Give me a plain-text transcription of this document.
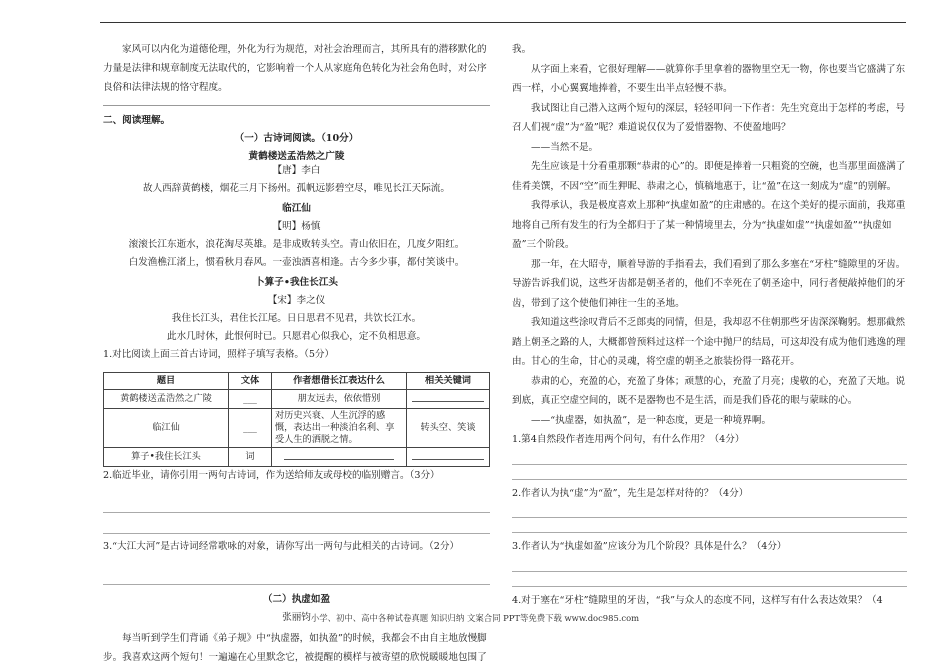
家风可以内化为道德伦理，外化为行为规范，对社会治理而言，其所具有的潜移默化的力量是法律和规章制度无法取代的，它影响着一个人从家庭角色转化为社会角色时，对公序良俗和法律法规的恪守程度。

二、阅读理解。

（一）古诗词阅读。（10分）

黄鹤楼送孟浩然之广陵

【唐】李白

故人西辞黄鹤楼，烟花三月下扬州。孤帆远影碧空尽，唯见长江天际流。

临江仙

【明】杨慎

滚滚长江东逝水，浪花淘尽英雄。是非成败转头空。青山依旧在，几度夕阳红。

白发渔樵江渚上，惯看秋月春风。一壶浊酒喜相逢。古今多少事，都付笑谈中。

卜算子•我住长江头

【宋】李之仪

我住长江头，君住长江尾。日日思君不见君，共饮长江水。

此水几时休，此恨何时已。只愿君心似我心，定不负相思意。

1.对比阅读上面三首古诗词，照样子填写表格。（5分）

题目	文体	作者想借长江表达什么	相关关键词
黄鹤楼送孟浩然之广陵	___	朋友远去，依依惜别	
临江仙	___	对历史兴衰、人生沉浮的感慨，表达出一种淡泊名利、享受人生的洒脱之情。	转头空、笑谈
算子•我住长江头	词		

2.临近毕业，请你引用一两句古诗词，作为送给师友或母校的临别赠言。（3分）

3.“大江大河”是古诗词经常歌咏的对象，请你写出一两句与此相关的古诗词。（2分）

（二）执虚如盈

张丽钧

每当听到学生们背诵《弟子规》中“执虚器，如执盈”的时候，我都会不由自主地放慢脚步。我喜欢这两个短句！一遍遍在心里默念它，被提醒的模样与被寄望的欣悦暖暖地包围了

我。

从字面上来看，它很好理解——就算你手里拿着的器物里空无一物，你也要当它盛满了东西一样，小心翼翼地捧着，不要生出半点轻慢不恭。

我试图让自己潜入这两个短句的深层，轻轻叩问一下作者：先生究竟出于怎样的考虑，号召人们视“虚”为“盈”呢？难道说仅仅为了爱惜器物、不使盈地吗？

——当然不是。

先生应该是十分看重那颗“恭肃的心”的。即便是捧着一只粗瓷的空碗，也当那里面盛满了佳肴美馔，不因“空”而生狎昵、恭肃之心，慎稿地惠于，让“盈”在这一刻成为“虚”的别解。

我得承认，我是极度喜欢上那种“执虚如盈”的庄肃感的。在这个美好的提示面前，我郑重地将自己所有发生的行为全都归于了某一种情境里去，分为“执虚如虚”“执虚如盈”“执虚如盈”三个阶段。

那一年，在大昭寺，顺着导游的手指看去，我们看到了那么多塞在“牙柱”缝隙里的牙齿。导游告诉我们说，这些牙齿都是朝圣者的，他们不幸死在了朝圣途中，同行者便敲掉他们的牙齿，带到了这个使他们神往一生的圣地。

我知道这些涂叹背后不乏郎夷的同情，但是，我却忍不住朝那些牙齿深深鞠躬。想那截然踏上朝圣之路的人，大概都曾预料过这样一个途中抛尸的结局，可这却没有成为他们逃逸的理由。甘心的生命，甘心的灵魂，将空虚的朝圣之旅装扮得一路花开。

恭肃的心，充盈的心，充盈了身体；顽慧的心，充盈了月亮；虔敬的心，充盈了天地。说到底，真正空虚空间的，既不是器物也不是生活，而是我们昏花的眼与蒙昧的心。

——“执虚器，如执盈”，是一种态度，更是一种境界啊。

1.第4自然段作者连用两个问句，有什么作用？（4分）

2.作者认为执“虚”为“盈”，先生是怎样对待的？（4分）

3.作者认为“执虚如盈”应该分为几个阶段？具体是什么？（4分）

4.对于塞在“牙柱”缝隙里的牙齿，“我”与众人的态度不同，这样写有什么表达效果？（4

小学、初中、高中各种试卷真题 知识归纳 文案合同 PPT等免费下载 www.doc985.com
